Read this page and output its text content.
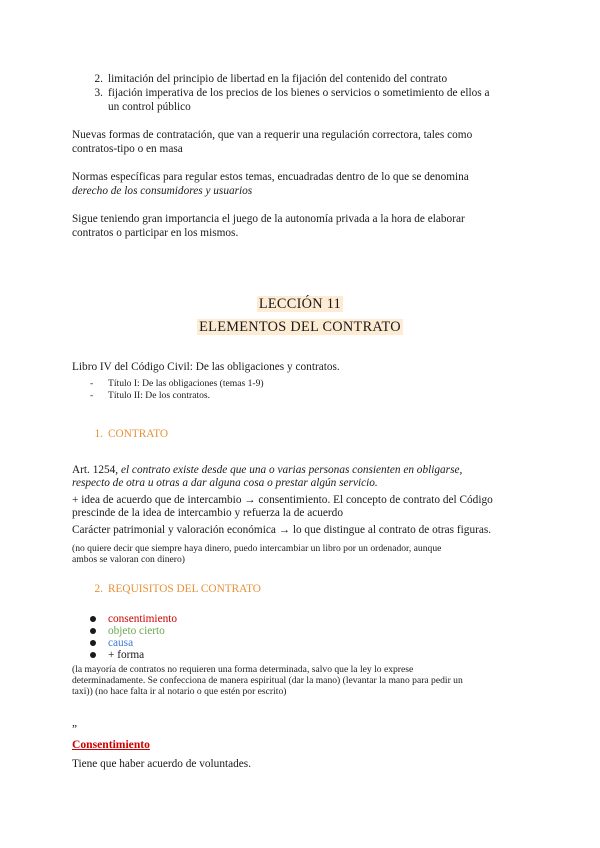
2. limitación del principio de libertad en la fijación del contenido del contrato
3. fijación imperativa de los precios de los bienes o servicios o sometimiento de ellos a
un control público
Nuevas formas de contratación, que van a requerir una regulación correctora, tales como
contratos-tipo o en masa
Normas específicas para regular estos temas, encuadradas dentro de lo que se denomina
derecho de los consumidores y usuarios
Sigue teniendo gran importancia el juego de la autonomía privada a la hora de elaborar
contratos o participar en los mismos.
LECCIÓN 11
ELEMENTOS DEL CONTRATO
Libro IV del Código Civil: De las obligaciones y contratos.
- Título I: De las obligaciones (temas 1-9)
- Título II: De los contratos.
1. CONTRATO
Art. 1254, el contrato existe desde que una o varias personas consienten en obligarse,
respecto de otra u otras a dar alguna cosa o prestar algún servicio.
+ idea de acuerdo que de intercambio → consentimiento. El concepto de contrato del Código
prescinde de la idea de intercambio y refuerza la de acuerdo
Carácter patrimonial y valoración económica → lo que distingue al contrato de otras figuras.
(no quiere decir que siempre haya dinero, puedo intercambiar un libro por un ordenador, aunque
ambos se valoran con dinero)
2. REQUISITOS DEL CONTRATO
consentimiento
objeto cierto
causa
+ forma
(la mayoría de contratos no requieren una forma determinada, salvo que la ley lo exprese
determinadamente. Se confecciona de manera espiritual (dar la mano) (levantar la mano para pedir un
taxi)) (no hace falta ir al notario o que estén por escrito)
„
Consentimiento
Tiene que haber acuerdo de voluntades.
